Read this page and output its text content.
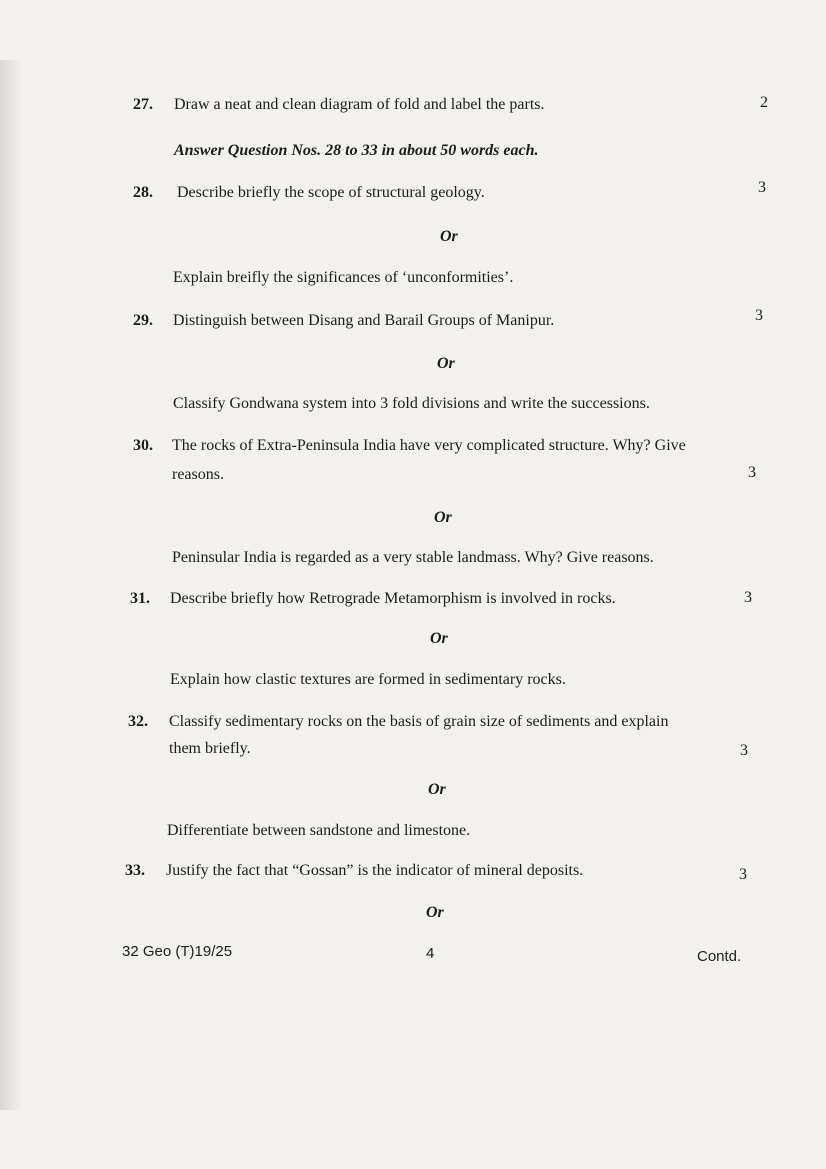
27. Draw a neat and clean diagram of fold and label the parts.	2
Answer Question Nos. 28 to 33 in about 50 words each.
28. Describe briefly the scope of structural geology.	3
Or
Explain breifly the significances of ‘unconformities’.
29. Distinguish between Disang and Barail Groups of Manipur.	3
Or
Classify Gondwana system into 3 fold divisions and write the successions.
30. The rocks of Extra-Peninsula India have very complicated structure. Why? Give
reasons.	3
Or
Peninsular India is regarded as a very stable landmass. Why? Give reasons.
31. Describe briefly how Retrograde Metamorphism is involved in rocks.	3
Or
Explain how clastic textures are formed in sedimentary rocks.
32. Classify sedimentary rocks on the basis of grain size of sediments and explain
them briefly.	3
Or
Differentiate between sandstone and limestone.
33. Justify the fact that “Gossan” is the indicator of mineral deposits.	3
Or
32 Geo (T)19/25	4	Contd.
